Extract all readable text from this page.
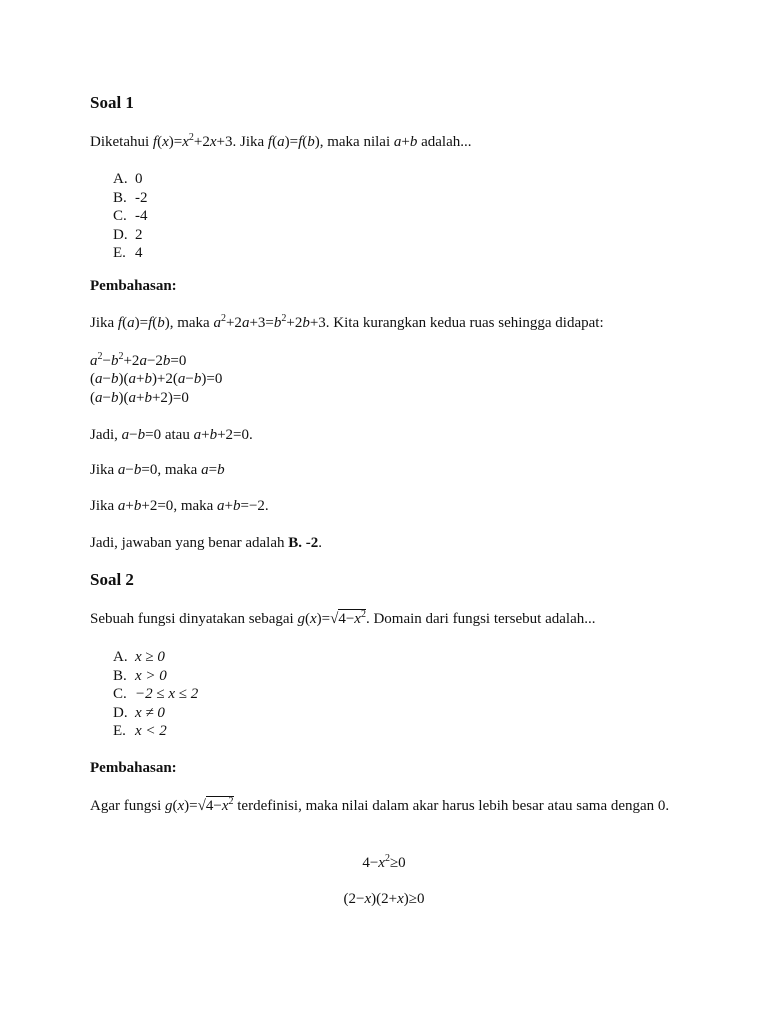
Soal 1
Diketahui $f(x)=x^2+2x+3$. Jika f(a)=f(b), maka nilai a+b adalah...
A. 0
B. -2
C. -4
D. 2
E. 4
Pembahasan:
Jika f(a)=f(b), maka $a^2+2a+3=b^2+2b+3$. Kita kurangkan kedua ruas sehingga didapat:
$a^2-b^2+2a-2b=0$
(a−b)(a+b)+2(a−b)=0
(a−b)(a+b+2)=0
Jadi, a−b=0 atau a+b+2=0.
Jika a−b=0, maka a=b
Jika a+b+2=0, maka a+b=−2.
Jadi, jawaban yang benar adalah B. -2.
Soal 2
Sebuah fungsi dinyatakan sebagai $g(x)=√4-x^2$. Domain dari fungsi tersebut adalah...
A. x ≥ 0
B. x > 0
C. −2 ≤ x ≤ 2
D. x ≠ 0
E. x < 2
Pembahasan:
Agar fungsi $g(x)=√4-x^2$ terdefinisi, maka nilai dalam akar harus lebih besar atau sama dengan 0.
$4-x^2\ge 0$
(2−x)(2+x)≥0
